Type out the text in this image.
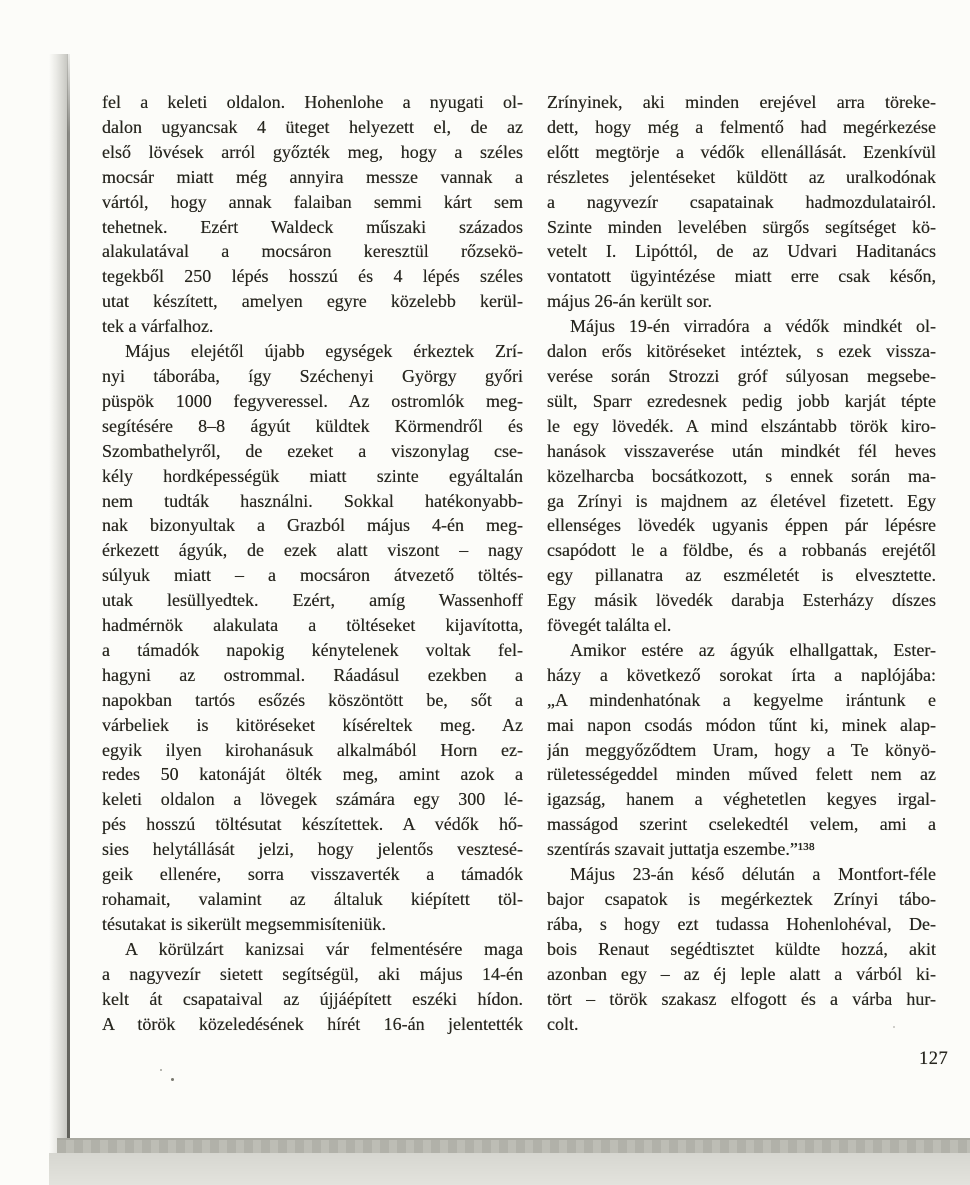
fel a keleti oldalon. Hohenlohe a nyugati ol-
dalon ugyancsak 4 üteget helyezett el, de az
első lövések arról győzték meg, hogy a széles
mocsár miatt még annyira messze vannak a
vártól, hogy annak falaiban semmi kárt sem
tehetnek. Ezért Waldeck műszaki százados
alakulatával a mocsáron keresztül rőzsekö-
tegekből 250 lépés hosszú és 4 lépés széles
utat készített, amelyen egyre közelebb kerül-
tek a várfalhoz.
Május elejétől újabb egységek érkeztek Zrí-
nyi táborába, így Széchenyi György győri
püspök 1000 fegyveressel. Az ostromlók meg-
segítésére 8–8 ágyút küldtek Körmendről és
Szombathelyről, de ezeket a viszonylag cse-
kély hordképességük miatt szinte egyáltalán
nem tudták használni. Sokkal hatékonyabb-
nak bizonyultak a Grazból május 4-én meg-
érkezett ágyúk, de ezek alatt viszont – nagy
súlyuk miatt – a mocsáron átvezető töltés-
utak lesüllyedtek. Ezért, amíg Wassenhoff
hadmérnök alakulata a töltéseket kijavította,
a támadók napokig kénytelenek voltak fel-
hagyni az ostrommal. Ráadásul ezekben a
napokban tartós esőzés köszöntött be, sőt a
várbeliek is kitöréseket kíséreltek meg. Az
egyik ilyen kirohanásuk alkalmából Horn ez-
redes 50 katonáját ölték meg, amint azok a
keleti oldalon a lövegek számára egy 300 lé-
pés hosszú töltésutat készítettek. A védők hő-
sies helytállását jelzi, hogy jelentős vesztesé-
geik ellenére, sorra visszaverték a támadók
rohamait, valamint az általuk kiépített töl-
tésutakat is sikerült megsemmisíteniük.
A körülzárt kanizsai vár felmentésére maga
a nagyvezír sietett segítségül, aki május 14-én
kelt át csapataival az újjáépített eszéki hídon.
A török közeledésének hírét 16-án jelentették
Zrínyinek, aki minden erejével arra töreke-
dett, hogy még a felmentő had megérkezése
előtt megtörje a védők ellenállását. Ezenkívül
részletes jelentéseket küldött az uralkodónak
a nagyvezír csapatainak hadmozdulatairól.
Szinte minden levelében sürgős segítséget kö-
vetelt I. Lipóttól, de az Udvari Haditanács
vontatott ügyintézése miatt erre csak későn,
május 26-án került sor.
Május 19-én virradóra a védők mindkét ol-
dalon erős kitöréseket intéztek, s ezek vissza-
verése során Strozzi gróf súlyosan megsebe-
sült, Sparr ezredesnek pedig jobb karját tépte
le egy lövedék. A mind elszántabb török kiro-
hanások visszaverése után mindkét fél heves
közelharcba bocsátkozott, s ennek során ma-
ga Zrínyi is majdnem az életével fizetett. Egy
ellenséges lövedék ugyanis éppen pár lépésre
csapódott le a földbe, és a robbanás erejétől
egy pillanatra az eszméletét is elvesztette.
Egy másik lövedék darabja Esterházy díszes
fövegét találta el.
Amikor estére az ágyúk elhallgattak, Ester-
házy a következő sorokat írta a naplójába:
„A mindenhatónak a kegyelme irántunk e
mai napon csodás módon tűnt ki, minek alap-
ján meggyőződtem Uram, hogy a Te könyö-
rületességeddel minden műved felett nem az
igazság, hanem a véghetetlen kegyes irgal-
masságod szerint cselekedtél velem, ami a
szentírás szavait juttatja eszembe.”¹³⁸
Május 23-án késő délután a Montfort-féle
bajor csapatok is megérkeztek Zrínyi tábo-
rába, s hogy ezt tudassa Hohenlohéval, De-
bois Renaut segédtisztet küldte hozzá, akit
azonban egy – az éj leple alatt a várból ki-
tört – török szakasz elfogott és a várba hur-
colt.
127
